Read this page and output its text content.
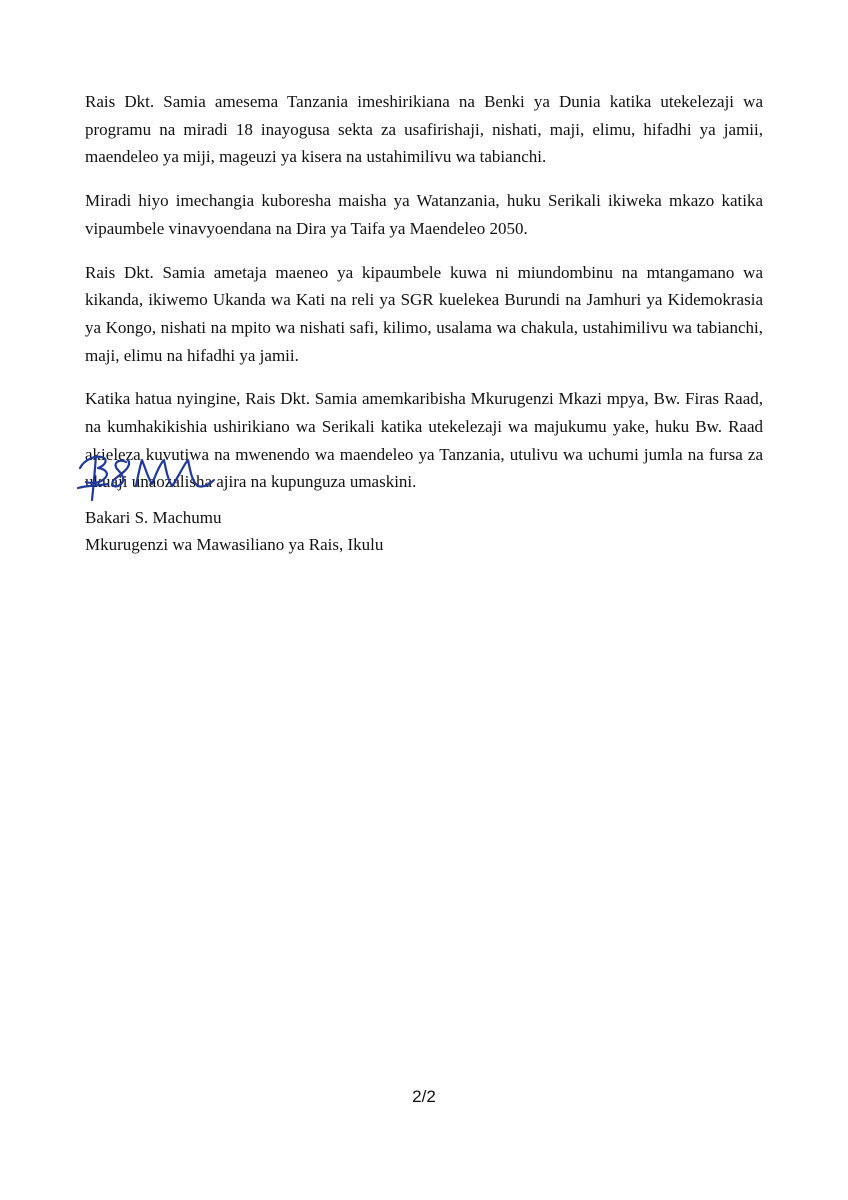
Rais Dkt. Samia amesema Tanzania imeshirikiana na Benki ya Dunia katika utekelezaji wa programu na miradi 18 inayogusa sekta za usafirishaji, nishati, maji, elimu, hifadhi ya jamii, maendeleo ya miji, mageuzi ya kisera na ustahimilivu wa tabianchi.

Miradi hiyo imechangia kuboresha maisha ya Watanzania, huku Serikali ikiweka mkazo katika vipaumbele vinavyoendana na Dira ya Taifa ya Maendeleo 2050.

Rais Dkt. Samia ametaja maeneo ya kipaumbele kuwa ni miundombinu na mtangamano wa kikanda, ikiwemo Ukanda wa Kati na reli ya SGR kuelekea Burundi na Jamhuri ya Kidemokrasia ya Kongo, nishati na mpito wa nishati safi, kilimo, usalama wa chakula, ustahimilivu wa tabianchi, maji, elimu na hifadhi ya jamii.

Katika hatua nyingine, Rais Dkt. Samia amemkaribisha Mkurugenzi Mkazi mpya, Bw. Firas Raad, na kumhakikishia ushirikiano wa Serikali katika utekelezaji wa majukumu yake, huku Bw. Raad akieleza kuvutiwa na mwenendo wa maendeleo ya Tanzania, utulivu wa uchumi jumla na fursa za ukuaji unaozalisha ajira na kupunguza umaskini.

Bakari S. Machumu
Mkurugenzi wa Mawasiliano ya Rais, Ikulu
2/2
